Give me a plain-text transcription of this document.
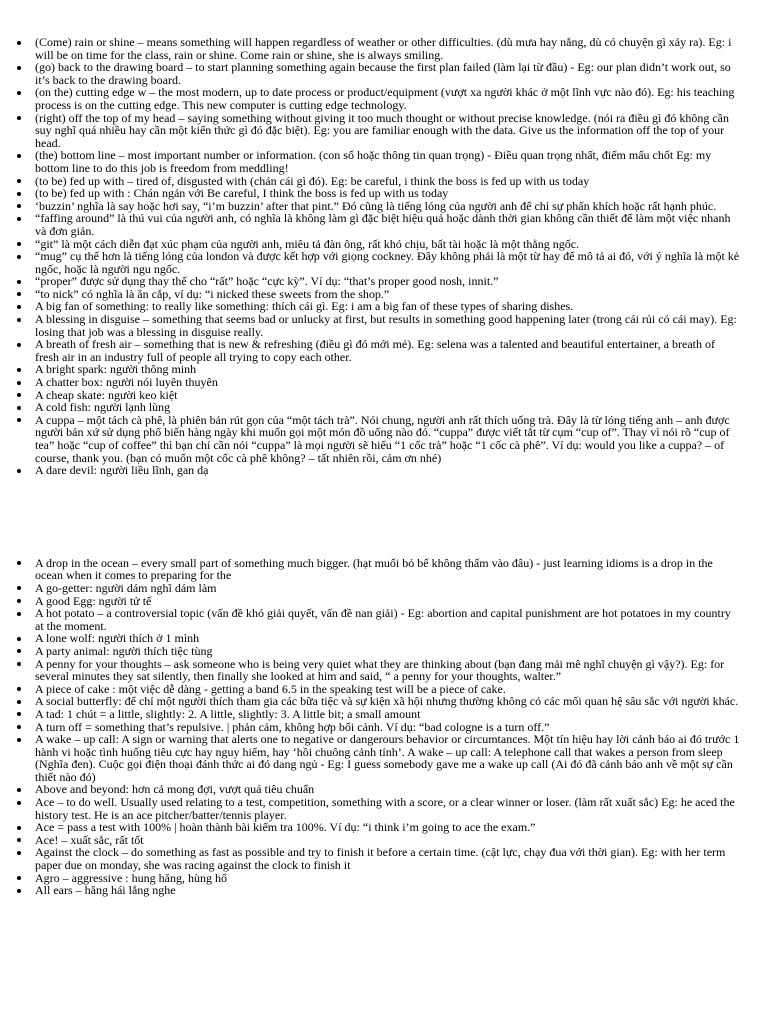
(Come) rain or shine – means something will happen regardless of weather or other difficulties. (dù mưa hay nắng, dù có chuyện gì xảy ra). Eg: i will be on time for the class, rain or shine. Come rain or shine, she is always smiling.
(go) back to the drawing board – to start planning something again because the first plan failed (làm lại từ đầu) - Eg: our plan didn’t work out, so it’s back to the drawing board.
(on the) cutting edge w – the most modern, up to date process or product/equipment (vượt xa người khác ở một lĩnh vực nào đó). Eg: his teaching process is on the cutting edge. This new computer is cutting edge technology.
(right) off the top of my head – saying something without giving it too much thought or without precise knowledge. (nói ra điều gì đó không cần suy nghĩ quá nhiều hay cần một kiến thức gì đó đặc biệt). Eg: you are familiar enough with the data. Give us the information off the top of your head.
(the) bottom line – most important number or information. (con số hoặc thông tin quan trọng) - Điều quan trọng nhất, điểm mấu chốt Eg: my bottom line to do this job is freedom from meddling!
(to be) fed up with – tired of, disgusted with (chán cái gì đó). Eg: be careful, i think the boss is fed up with us today
(to be) fed up with : Chán ngán với Be careful, I think the boss is fed up with us today
‘buzzin’ nghĩa là say hoặc hơi say, “i’m buzzin’ after that pint.” Đó cũng là tiếng lóng của người anh để chỉ sự phấn khích hoặc rất hạnh phúc.
“faffing around” là thú vui của người anh, có nghĩa là không làm gì đặc biệt hiệu quả hoặc dành thời gian không cần thiết để làm một việc nhanh và đơn giản.
“git” là một cách diễn đạt xúc phạm của người anh, miêu tả đàn ông, rất khó chịu, bất tài hoặc là một thằng ngốc.
“mug” cụ thể hơn là tiếng lóng của london và được kết hợp với giọng cockney. Đây không phải là một từ hay để mô tả ai đó, với ý nghĩa là một kẻ ngốc, hoặc là người ngu ngốc.
“proper” được sử dụng thay thế cho “rất” hoặc “cực kỳ”. Ví dụ: “that’s proper good nosh, innit.”
“to nick” có nghĩa là ăn cắp, ví dụ: “i nicked these sweets from the shop.”
A big fan of something: to really like something: thích cái gì. Eg: i am a big fan of these types of sharing dishes.
A blessing in disguise – something that seems bad or unlucky at first, but results in something good happening later (trong cái rủi có cái may). Eg: losing that job was a blessing in disguise really.
A breath of fresh air – something that is new & refreshing (điều gì đó mới mẻ). Eg: selena was a talented and beautiful entertainer, a breath of fresh air in an industry full of people all trying to copy each other.
A bright spark: người thông minh
A chatter box: người nói luyên thuyên
A cheap skate: người keo kiệt
A cold fish: người lạnh lùng
A cuppa – một tách cà phê, là phiên bản rút gọn của “một tách trà”. Nói chung, người anh rất thích uống trà. Đây là từ lóng tiếng anh – anh được người bản xứ sử dụng phổ biến hàng ngày khi muốn gọi một món đồ uống nào đó. “cuppa” được viết tắt từ cụm “cup of”. Thay vì nói rõ “cup of tea” hoặc “cup of coffee” thì bạn chỉ cần nói “cuppa” là mọi người sẽ hiểu “1 cốc trà” hoặc “1 cốc cà phê”. Ví dụ: would you like a cuppa? – of course, thank you. (bạn có muốn một cốc cà phê không? – tất nhiên rồi, cảm ơn nhé)
A dare devil: người liều lĩnh, gan dạ
A drop in the ocean – every small part of something much bigger. (hạt muối bỏ bể không thấm vào đâu) - just learning idioms is a drop in the ocean when it comes to preparing for the
A go-getter: người dám nghĩ dám làm
A good Egg: người tử tế
A hot potato – a controversial topic (vấn đề khó giải quyết, vấn đề nan giải) - Eg: abortion and capital punishment are hot potatoes in my country at the moment.
A lone wolf: người thích ở 1 mình
A party animal: người thích tiệc tùng
A penny for your thoughts – ask someone who is being very quiet what they are thinking about (bạn đang mải mê nghĩ chuyện gì vậy?). Eg: for several minutes they sat silently, then finally she looked at him and said, “ a penny for your thoughts, walter.”
A piece of cake : một việc dễ dàng - getting a band 6.5 in the speaking test will be a piece of cake.
A social butterfly: để chỉ một người thích tham gia các bữa tiệc và sự kiện xã hội nhưng thường không có các mối quan hệ sâu sắc với người khác.
A tad: 1 chút = a little, slightly: 2. A little, slightly: 3. A little bit; a small amount
A turn off = something that’s repulsive. | phản cảm, không hợp bối cảnh. Ví dụ: “bad cologne is a turn off.”
A wake – up call: A sign or warning that alerts one to negative or dangerours behavior or circumtances. Một tín hiệu hay lời cảnh báo ai đó trước 1 hành vi hoặc tình huống tiêu cực hay nguy hiểm, hay ‘hồi chuông cảnh tỉnh’. A wake – up call: A telephone call that wakes a person from sleep (Nghĩa đen). Cuộc gọi điện thoại đánh thức ai đó dang ngủ - Eg: I guess somebody gave me a wake up call (Ai đó đã cảnh báo anh về một sự cần thiết nào đó)
Above and beyond: hơn cả mong đợi, vượt quá tiêu chuẩn
Ace – to do well. Usually used relating to a test, competition, something with a score, or a clear winner or loser. (làm rất xuất sắc) Eg: he aced the history test. He is an ace pitcher/batter/tennis player.
Ace = pass a test with 100% | hoàn thành bài kiểm tra 100%. Ví dụ: “i think i’m going to ace the exam.”
Ace! – xuất sắc, rất tốt
Against the clock – do something as fast as possible and try to finish it before a certain time. (cật lực, chạy đua với thời gian). Eg: with her term paper due on monday, she was racing against the clock to finish it
Agro – aggressive : hung hăng, hùng hổ
All ears – hăng hái lắng nghe
